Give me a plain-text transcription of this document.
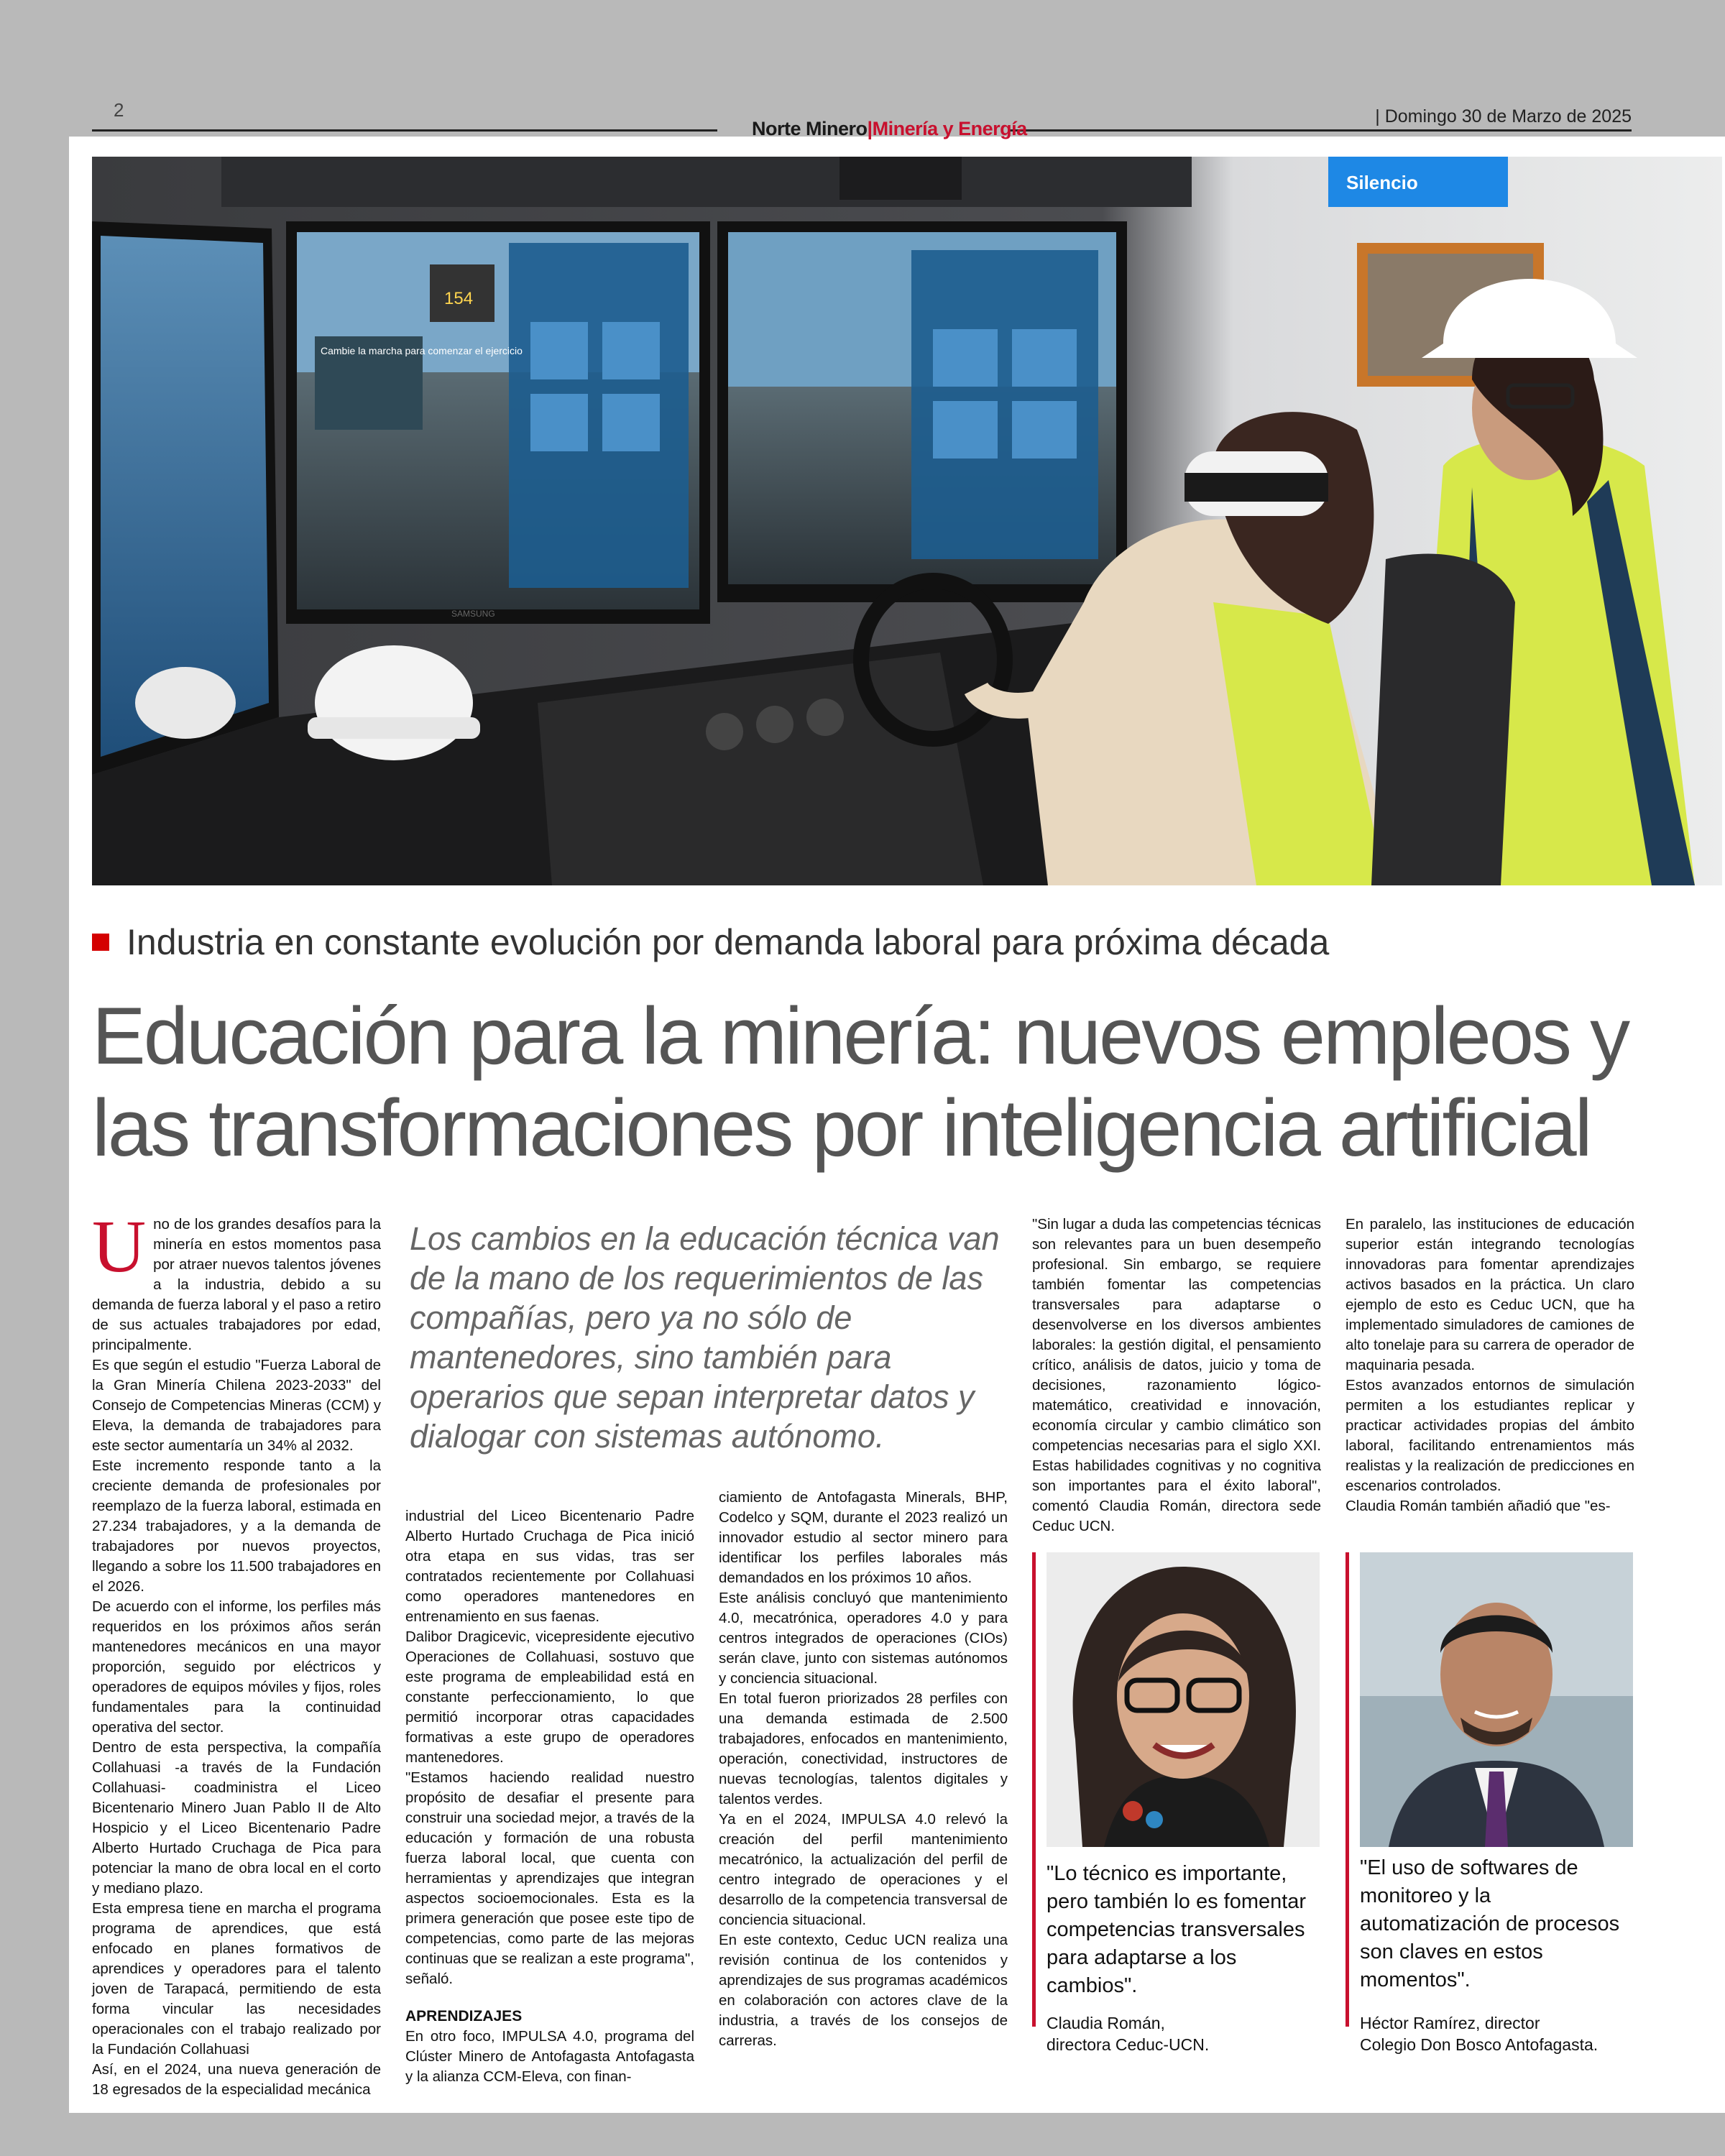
2
Norte Minero|Minería y Energía
| Domingo 30 de Marzo de 2025
Silencio
Cambie la marcha para comenzar el ejercicio
154
SAMSUNG
Industria en constante evolución por demanda laboral para próxima década
Educación para la minería: nuevos empleos y las transformaciones por inteligencia artificial
U no de los grandes desafíos para la minería en estos momentos pasa por atraer nuevos talentos jóvenes a la industria, debido a su demanda de fuerza laboral y el paso a retiro de sus actuales trabajadores por edad, principalmente.

Es que según el estudio "Fuerza Laboral de la Gran Minería Chilena 2023-2033" del Consejo de Competencias Mineras (CCM) y Eleva, la demanda de trabajadores para este sector aumentaría un 34% al 2032.

Este incremento responde tanto a la creciente demanda de profesionales por reemplazo de la fuerza laboral, estimada en 27.234 trabajadores, y a la demanda de trabajadores por nuevos proyectos, llegando a sobre los 11.500 trabajadores en el 2026.

De acuerdo con el informe, los perfiles más requeridos en los próximos años serán mantenedores mecánicos en una mayor proporción, seguido por eléctricos y operadores de equipos móviles y fijos, roles fundamentales para la continuidad operativa del sector.

Dentro de esta perspectiva, la compañía Collahuasi -a través de la Fundación Collahuasi- coadministra el Liceo Bicentenario Minero Juan Pablo II de Alto Hospicio y el Liceo Bicentenario Padre Alberto Hurtado Cruchaga de Pica para potenciar la mano de obra local en el corto y mediano plazo.

Esta empresa tiene en marcha el programa programa de aprendices, que está enfocado en planes formativos de aprendices y operadores para el talento joven de Tarapacá, permitiendo de esta forma vincular las necesidades operacionales con el trabajo realizado por la Fundación Collahuasi

Así, en el 2024, una nueva generación de 18 egresados de la especialidad mecánica

Los cambios en la educación técnica van de la mano de los requerimientos de las compañías, pero ya no sólo de mantenedores, sino también para operarios que sepan interpretar datos y dialogar con sistemas autónomo.

industrial del Liceo Bicentenario Padre Alberto Hurtado Cruchaga de Pica inició otra etapa en sus vidas, tras ser contratados recientemente por Collahuasi como operadores mantenedores en entrenamiento en sus faenas.

Dalibor Dragicevic, vicepresidente ejecutivo Operaciones de Collahuasi, sostuvo que este programa de empleabilidad está en constante perfeccionamiento, lo que permitió incorporar otras capacidades formativas a este grupo de operadores mantenedores.

"Estamos haciendo realidad nuestro propósito de desafiar el presente para construir una sociedad mejor, a través de la educación y formación de una robusta fuerza laboral local, que cuenta con herramientas y aprendizajes que integran aspectos socioemocionales. Esta es la primera generación que posee este tipo de competencias, como parte de las mejoras continuas que se realizan a este programa", señaló.

APRENDIZAJES

En otro foco, IMPULSA 4.0, programa del Clúster Minero de Antofagasta Antofagasta y la alianza CCM-Eleva, con finan-

ciamiento de Antofagasta Minerals, BHP, Codelco y SQM, durante el 2023 realizó un innovador estudio al sector minero para identificar los perfiles laborales más demandados en los próximos 10 años.

Este análisis concluyó que mantenimiento 4.0, mecatrónica, operadores 4.0 y para centros integrados de operaciones (CIOs) serán clave, junto con sistemas autónomos y conciencia situacional.

En total fueron priorizados 28 perfiles con una demanda estimada de 2.500 trabajadores, enfocados en mantenimiento, operación, conectividad, instructores de nuevas tecnologías, talentos digitales y talentos verdes.

Ya en el 2024, IMPULSA 4.0 relevó la creación del perfil mantenimiento mecatrónico, la actualización del perfil de centro integrado de operaciones y el desarrollo de la competencia transversal de conciencia situacional.

En este contexto, Ceduc UCN realiza una revisión continua de los contenidos y aprendizajes de sus programas académicos en colaboración con actores clave de la industria, a través de los consejos de carreras.

"Sin lugar a duda las competencias técnicas son relevantes para un buen desempeño profesional. Sin embargo, se requiere también fomentar las competencias transversales para adaptarse o desenvolverse en los diversos ambientes laborales: la gestión digital, el pensamiento crítico, análisis de datos, juicio y toma de decisiones, razonamiento lógico-matemático, creatividad e innovación, economía circular y cambio climático son competencias necesarias para el siglo XXI. Estas habilidades cognitivas y no cognitiva son importantes para el éxito laboral", comentó Claudia Román, directora sede Ceduc UCN.

En paralelo, las instituciones de educación superior están integrando tecnologías innovadoras para fomentar aprendizajes activos basados en la práctica. Un claro ejemplo de esto es Ceduc UCN, que ha implementado simuladores de camiones de alto tonelaje para su carrera de operador de maquinaria pesada.

Estos avanzados entornos de simulación permiten a los estudiantes replicar y practicar actividades propias del ámbito laboral, facilitando entrenamientos más realistas y la realización de predicciones en escenarios controlados.

Claudia Román también añadió que "es-

"Lo técnico es importante, pero también lo es fomentar competencias transversales para adaptarse a los cambios".
Claudia Román,
directora Ceduc-UCN.
"El uso de softwares de monitoreo y la automatización de procesos son claves en estos momentos".
Héctor Ramírez, director
Colegio Don Bosco Antofagasta.
